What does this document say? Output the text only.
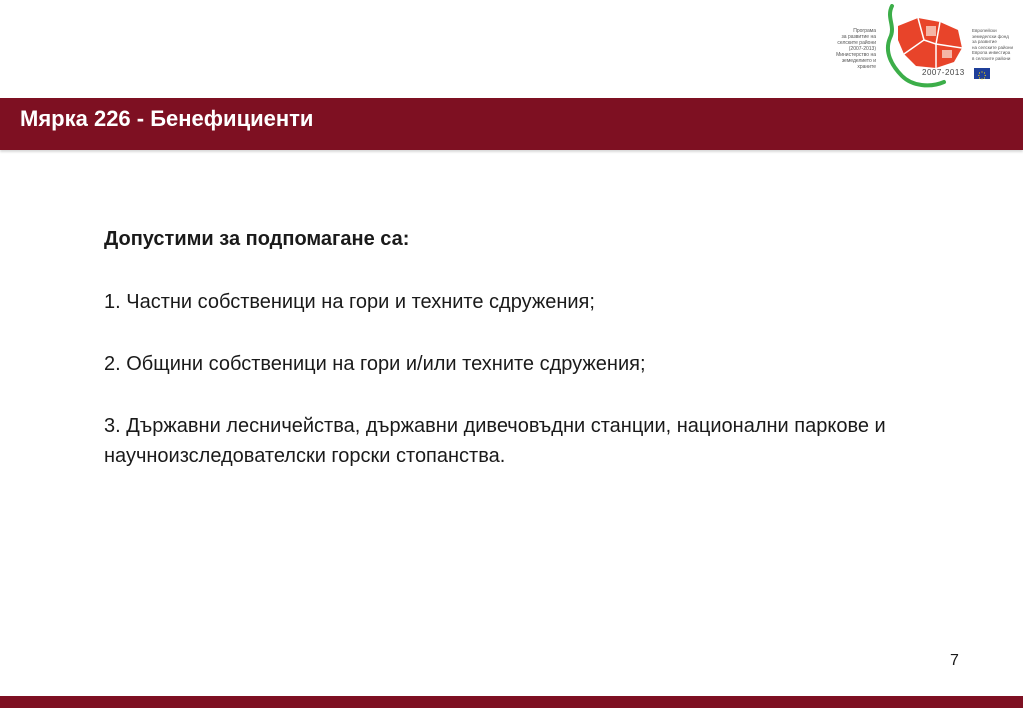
Програма
за развитие на
селските райони
(2007-2013)
Министерство на
земеделието и
храните
2007-2013
Европейски
земеделски фонд
за развитие
на селските райони
Европа инвестира
в селските райони
Мярка 226 - Бенефициенти

Допустими за подпомагане са:

1. Частни собственици на гори и техните сдружения;

2. Общини собственици на гори и/или техните сдружения;

3. Държавни лесничейства, държавни дивечовъдни станции, национални паркове и научноизследователски горски стопанства.

7
